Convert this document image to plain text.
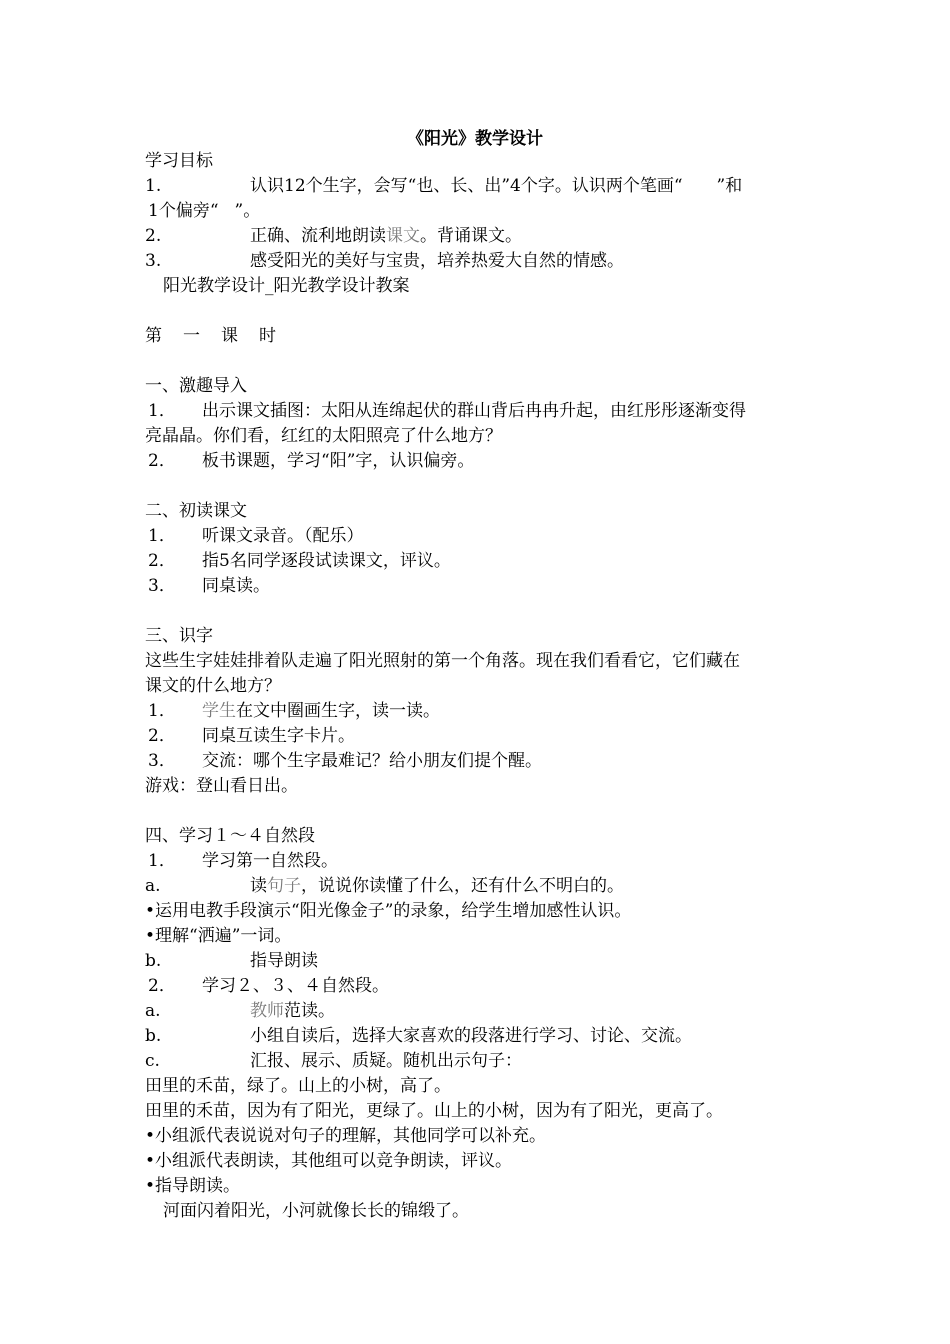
《阳光》教学设计
学习目标
1.	认识12个生字，会写“也、长、出”4个字。认识两个笔画“ ”和
1个偏旁“ ”。
2.	正确、流利地朗读课文。背诵课文。
3.	感受阳光的美好与宝贵，培养热爱大自然的情感。
阳光教学设计_阳光教学设计教案
第 一 课 时
一、激趣导入
1． 出示课文插图：太阳从连绵起伏的群山背后冉冉升起，由红彤彤逐渐变得
亮晶晶。你们看，红红的太阳照亮了什么地方？
2． 板书课题，学习“阳”字，认识偏旁。
二、初读课文
1． 听课文录音。（配乐）
2． 指5名同学逐段试读课文，评议。
3． 同桌读。
三、识字
这些生字娃娃排着队走遍了阳光照射的第一个角落。现在我们看看它，它们藏在
课文的什么地方？
1． 学生在文中圈画生字，读一读。
2． 同桌互读生字卡片。
3． 交流：哪个生字最难记？给小朋友们提个醒。
游戏：登山看日出。
四、学习１～４自然段
1． 学习第一自然段。
a.	读句子，说说你读懂了什么，还有什么不明白的。
•运用电教手段演示“阳光像金子”的录象，给学生增加感性认识。
•理解“洒遍”一词。
b.	指导朗读
2． 学习２、３、４自然段。
a.	教师范读。
b.	小组自读后，选择大家喜欢的段落进行学习、讨论、交流。
c.	汇报、展示、质疑。随机出示句子：
田里的禾苗，绿了。山上的小树，高了。
田里的禾苗，因为有了阳光，更绿了。山上的小树，因为有了阳光，更高了。
•小组派代表说说对句子的理解，其他同学可以补充。
•小组派代表朗读，其他组可以竞争朗读，评议。
•指导朗读。
河面闪着阳光，小河就像长长的锦缎了。
